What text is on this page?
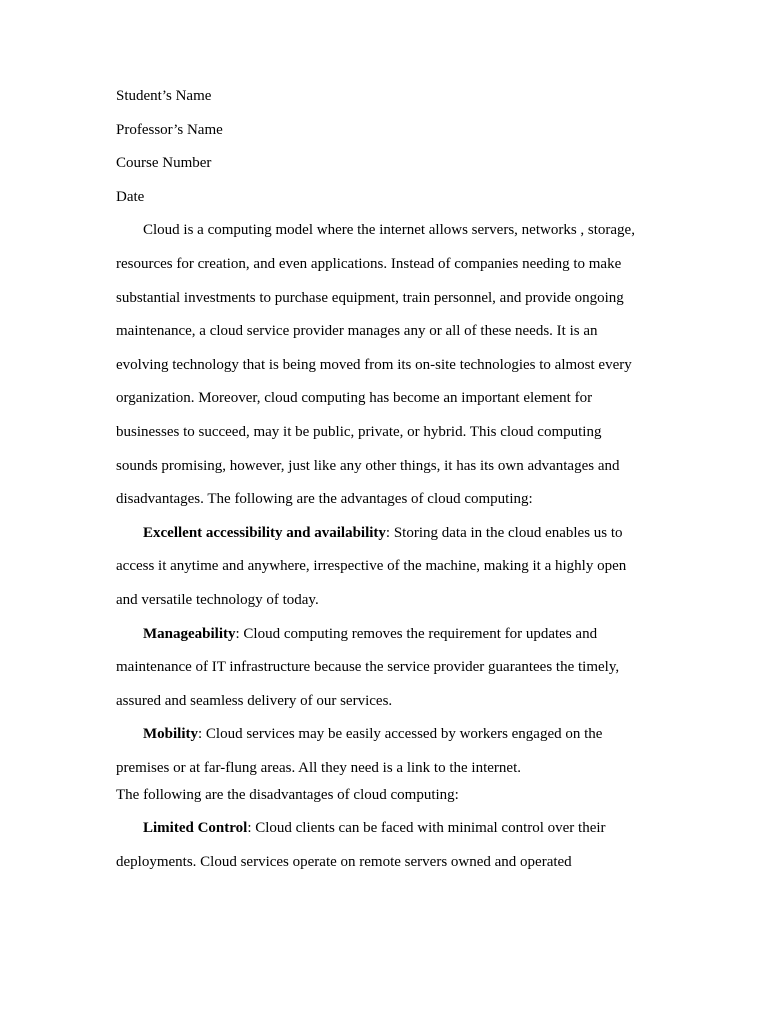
Student’s Name
Professor’s Name
Course Number
Date
Cloud is a computing model where the internet allows servers, networks , storage,
resources for creation, and even applications. Instead of companies needing to make
substantial investments to purchase equipment, train personnel, and provide ongoing
maintenance, a cloud service provider manages any or all of these needs. It is an
evolving technology that is being moved from its on-site technologies to almost every
organization. Moreover, cloud computing has become an important element for
businesses to succeed, may it be public, private, or hybrid. This cloud computing
sounds promising, however, just like any other things, it has its own advantages and
disadvantages. The following are the advantages of cloud computing:
Excellent accessibility and availability: Storing data in the cloud enables us to
access it anytime and anywhere, irrespective of the machine, making it a highly open
and versatile technology of today.
Manageability: Cloud computing removes the requirement for updates and
maintenance of IT infrastructure because the service provider guarantees the timely,
assured and seamless delivery of our services.
Mobility: Cloud services may be easily accessed by workers engaged on the
premises or at far-flung areas. All they need is a link to the internet.
The following are the disadvantages of cloud computing:
Limited Control: Cloud clients can be faced with minimal control over their
deployments. Cloud services operate on remote servers owned and operated
